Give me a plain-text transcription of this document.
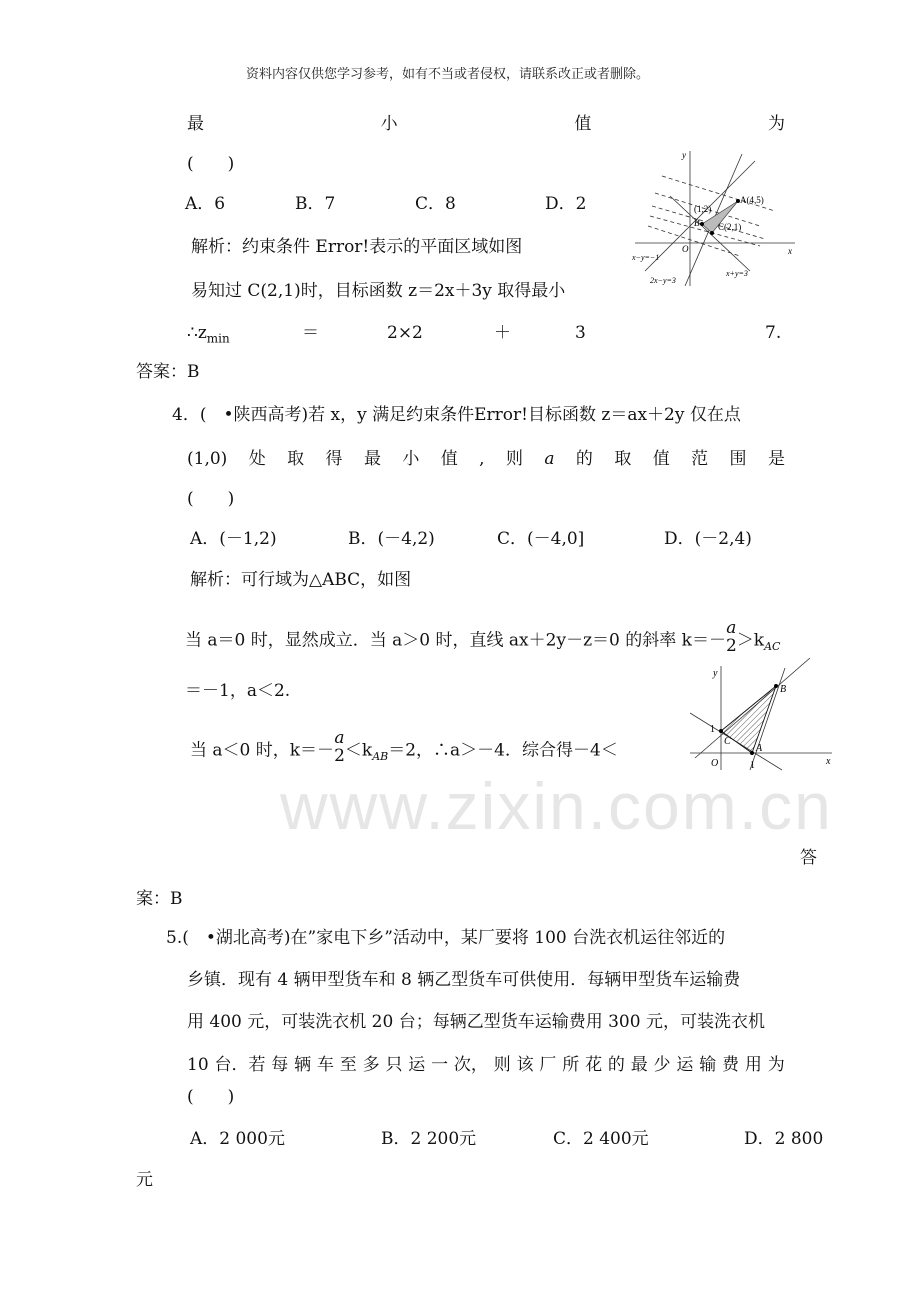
www.zixin.com.cn
资料内容仅供您学习参考，如有不当或者侵权，请联系改正或者删除。
最	小	值	为
(　　)
A．6	B．7	C．8	D．2
解析：约束条件 Error!表示的平面区域如图
易知过 C(2,1)时，目标函数 z＝2x＋3y 取得最小
$\therefore z_{min}$	＝	2×2	＋	3	7.
答案：B
y
x
O
A(4,5)
(1,2)
B C(2,1)
x−y=−1
2x−y=3
x+y=3
4．(　•陕西高考)若 x，y 满足约束条件Error!目标函数 z＝ax＋2y 仅在点
(1,0) 处 取 得 最 小 值 , 则 a 的 取 值 范 围 是
(　　)
A．(－1,2)	B．(－4,2)	C．(－4,0]	D．(－2,4)
解析：可行域为△ABC，如图
当 a＝0 时，显然成立．当 a＞0 时，直线 ax＋2y－z＝0 的斜率 k＝－a
$2>k_{AC}$
＝－1，a＜2.
当 a＜0 时，k＝－a
$2<k_{AB}=2$，∴a＞－4．综合得－4＜
y
x
O
1
1
A
B
C
答
案：B
5.(　•湖北高考)在”家电下乡”活动中，某厂要将 100 台洗衣机运往邻近的
乡镇．现有 4 辆甲型货车和 8 辆乙型货车可供使用．每辆甲型货车运输费
用 400 元，可装洗衣机 20 台；每辆乙型货车运输费用 300 元，可装洗衣机
10 台．若 每 辆 车 至 多 只 运 一 次， 则 该 厂 所 花 的 最 少 运 输 费 用 为
(　　)
A．2 000元	B．2 200元	C．2 400元	D．2 800
元
